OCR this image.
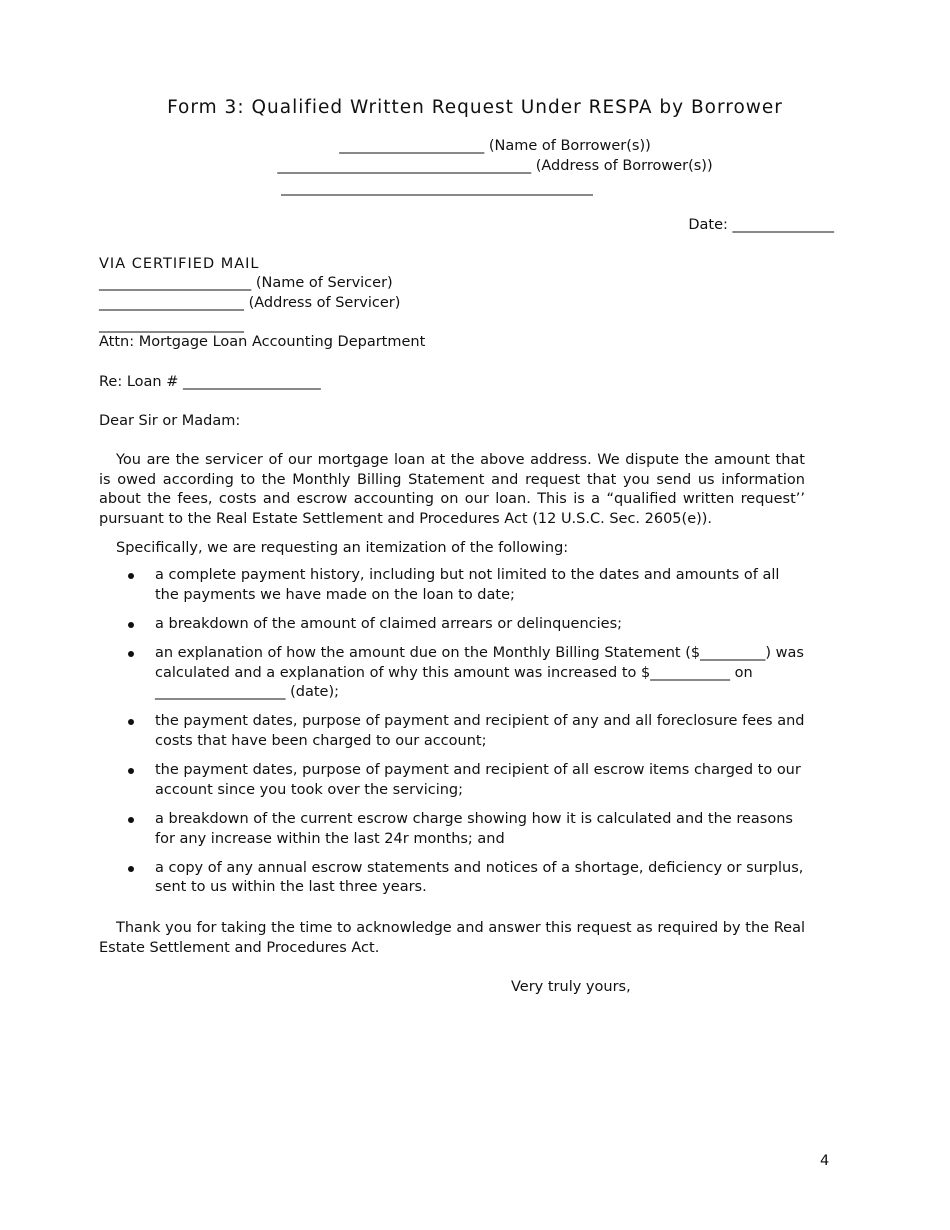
Form 3: Qualified Written Request Under RESPA by Borrower
____________________ (Name of Borrower(s))
___________________________________ (Address of Borrower(s))
___________________________________________
Date: ______________
VIA CERTIFIED MAIL
_____________________ (Name of Servicer)
____________________ (Address of Servicer)
____________________
Attn: Mortgage Loan Accounting Department
Re: Loan # ___________________
Dear Sir or Madam:
You are the servicer of our mortgage loan at the above address. We dispute the amount that is owed according to the Monthly Billing Statement and request that you send us information about the fees, costs and escrow accounting on our loan. This is a “qualified written request’’ pursuant to the Real Estate Settlement and Procedures Act (12 U.S.C. Sec. 2605(e)).
Specifically, we are requesting an itemization of the following:
a complete payment history, including but not limited to the dates and amounts of all the payments we have made on the loan to date;
a breakdown of the amount of claimed arrears or delinquencies;
an explanation of how the amount due on the Monthly Billing Statement ($_________) was calculated and a explanation of why this amount was increased to $___________ on __________________ (date);
the payment dates, purpose of payment and recipient of any and all foreclosure fees and costs that have been charged to our account;
the payment dates, purpose of payment and recipient of all escrow items charged to our account since you took over the servicing;
a breakdown of the current escrow charge showing how it is calculated and the reasons for any increase within the last 24r months; and
a copy of any annual escrow statements and notices of a shortage, deficiency or surplus, sent to us within the last three years.
Thank you for taking the time to acknowledge and answer this request as required by the Real Estate Settlement and Procedures Act.
Very truly yours,
4
